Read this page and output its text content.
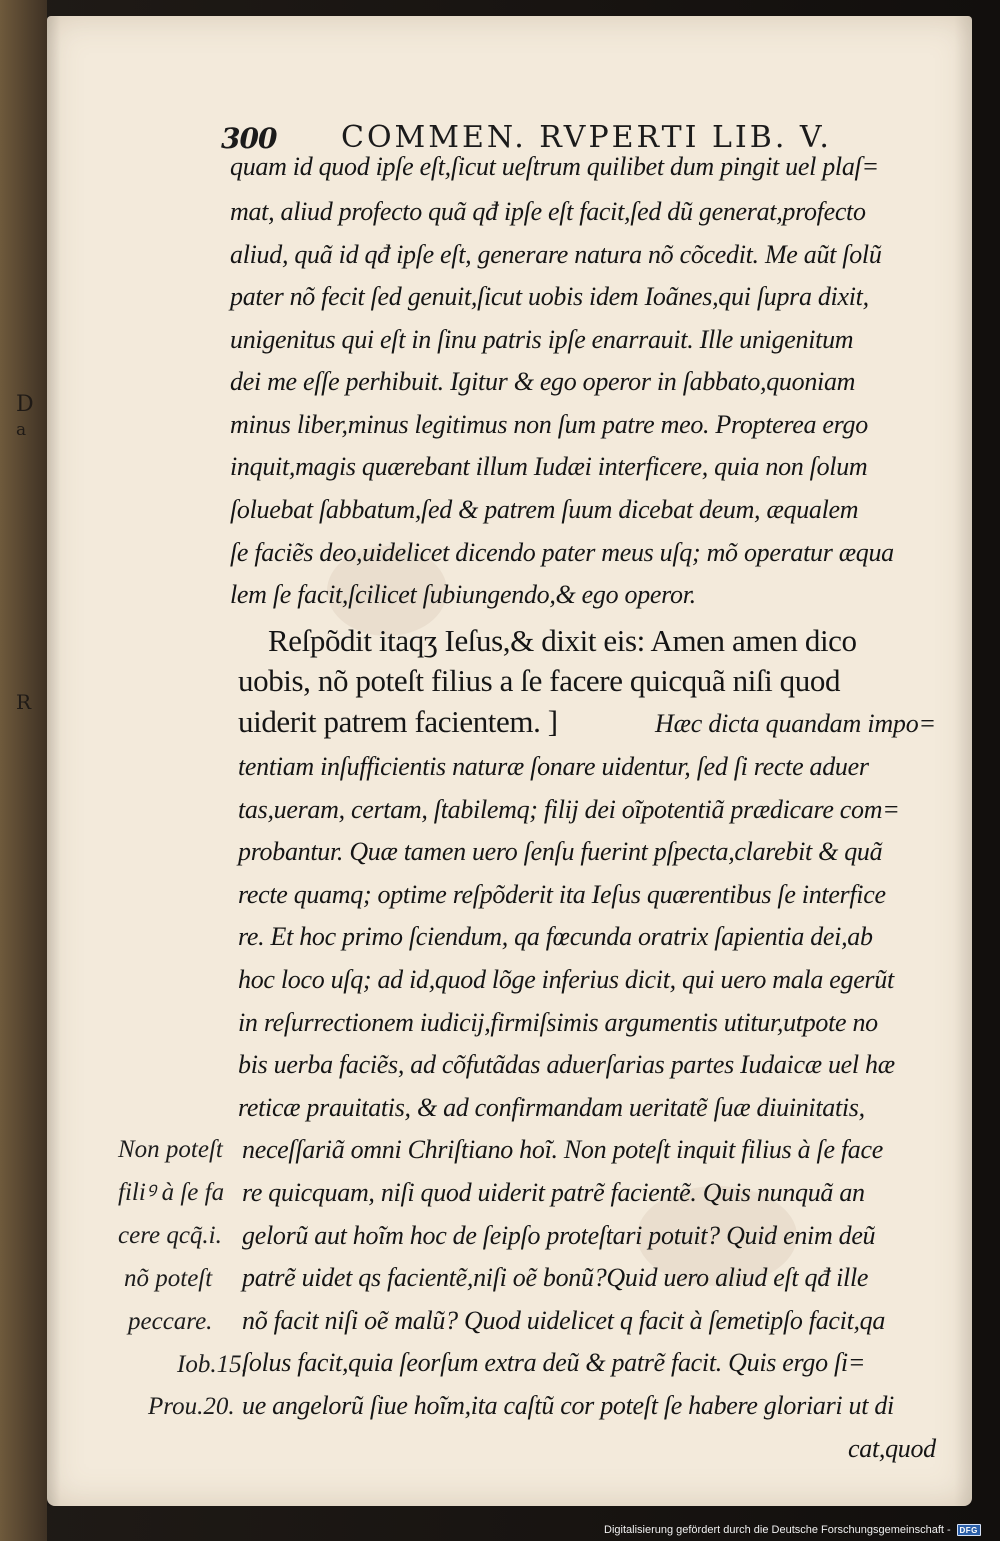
D
a
R
300 COMMEN. RVPERTI LIB. V.
quam id quod ipſe eſt,ſicut ueſtrum quilibet dum pingit uel plaſ=
mat, aliud profecto quã qđ ipſe eſt facit,ſed dũ generat,profecto
aliud, quã id qđ ipſe eſt, generare natura nõ cõcedit. Me aũt ſolũ
pater nõ fecit ſed genuit,ſicut uobis idem Ioãnes,qui ſupra dixit,
unigenitus qui eſt in ſinu patris ipſe enarrauit. Ille unigenitum
dei me eſſe perhibuit. Igitur & ego operor in ſabbato,quoniam
minus liber,minus legitimus non ſum patre meo. Propterea ergo
inquit,magis quærebant illum Iudæi interficere, quia non ſolum
ſoluebat ſabbatum,ſed & patrem ſuum dicebat deum, æqualem
ſe faciẽs deo,uidelicet dicendo pater meus uſq; mõ operatur æqua
lem ſe facit,ſcilicet ſubiungendo,& ego operor.
Reſpõdit itaqʒ Ieſus,& dixit eis: Amen amen dico
uobis, nõ poteſt filius a ſe facere quicquã niſi quod
uiderit patrem facientem. ]	Hæc dicta quandam impo=
tentiam inſufficientis naturæ ſonare uidentur, ſed ſi recte aduer
tas,ueram, certam, ſtabilemq; filij dei oĩpotentiã prædicare com=
probantur. Quæ tamen uero ſenſu fuerint pſpecta,clarebit & quã
recte quamq; optime reſpõderit ita Ieſus quærentibus ſe interfice
re. Et hoc primo ſciendum, qa fœcunda oratrix ſapientia dei,ab
hoc loco uſq; ad id,quod lõge inferius dicit, qui uero mala egerũt
in reſurrectionem iudicij,firmiſsimis argumentis utitur,utpote no
bis uerba faciẽs, ad cõfutãdas aduerſarias partes Iudaicæ uel hæ
reticæ prauitatis, & ad confirmandam ueritatẽ ſuæ diuinitatis,
neceſſariã omni Chriſtiano hoĩ. Non poteſt inquit filius à ſe face
re quicquam, niſi quod uiderit patrẽ facientẽ. Quis nunquã an
gelorũ aut hoĩm hoc de ſeipſo proteſtari potuit? Quid enim deũ
patrẽ uidet qs facientẽ,niſi oẽ bonũ?Quid uero aliud eſt qđ ille
nõ facit niſi oẽ malũ? Quod uidelicet q facit à ſemetipſo facit,qa
ſolus facit,quia ſeorſum extra deũ & patrẽ facit. Quis ergo ſi=
ue angelorũ ſiue hoĩm,ita caſtũ cor poteſt ſe habere gloriari ut di
cat,quod
Non poteſt
filiꝰ à ſe fa
cere qcq̃.i.
nõ poteſt
peccare.
Iob.15.
Prou.20.
Digitalisierung gefördert durch die Deutsche Forschungsgemeinschaft -	DFG
